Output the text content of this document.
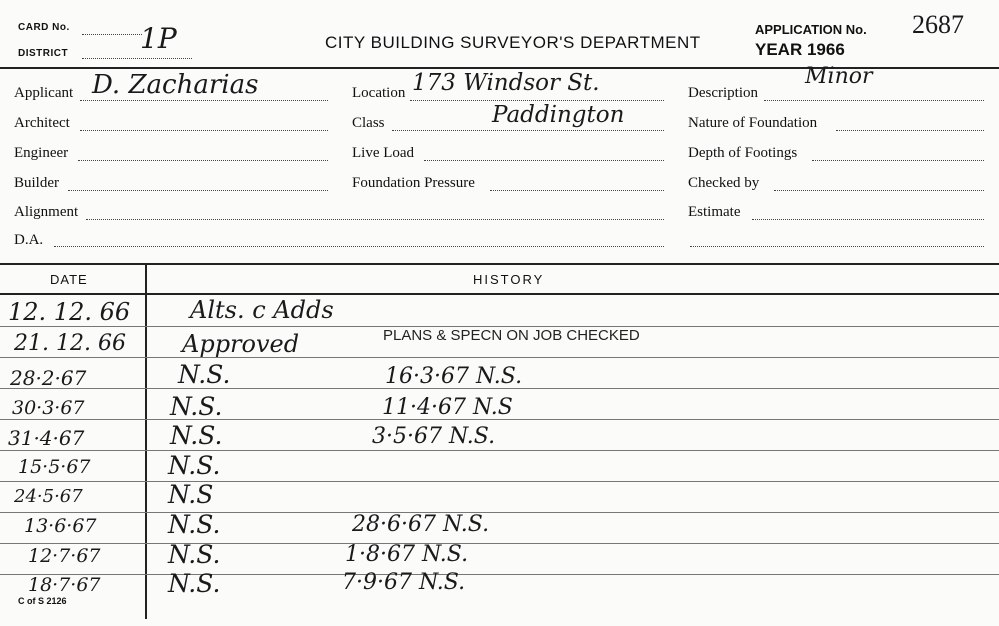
CARD No.
DISTRICT	1P	CITY BUILDING SURVEYOR'S DEPARTMENT
APPLICATION No. 2687
YEAR 1966
Applicant D. Zacharias
Architect
Engineer
Builder
Alignment
D.A.
Location 173 Windsor St.
Class	Paddington
Live Load
Foundation Pressure
Description
Minor
Nature of Foundation
Depth of Footings
Checked by
Estimate
DATE	HISTORY
12. 12. 66 Alts. c Adds
21. 12. 66 Approved	PLANS & SPECN ON JOB CHECKED
28·2·67	N.S.	16·3·67 N.S.
30·3·67	N.S.	11·4·67 N.S
31·4·67	N.S.	3·5·67 N.S.
15·5·67	N.S.
24·5·67	N.S
13·6·67	N.S.	28·6·67 N.S.
12·7·67	N.S.	1·8·67 N.S.
18·7·67	N.S.	7·9·67 N.S.
C of S 2126
